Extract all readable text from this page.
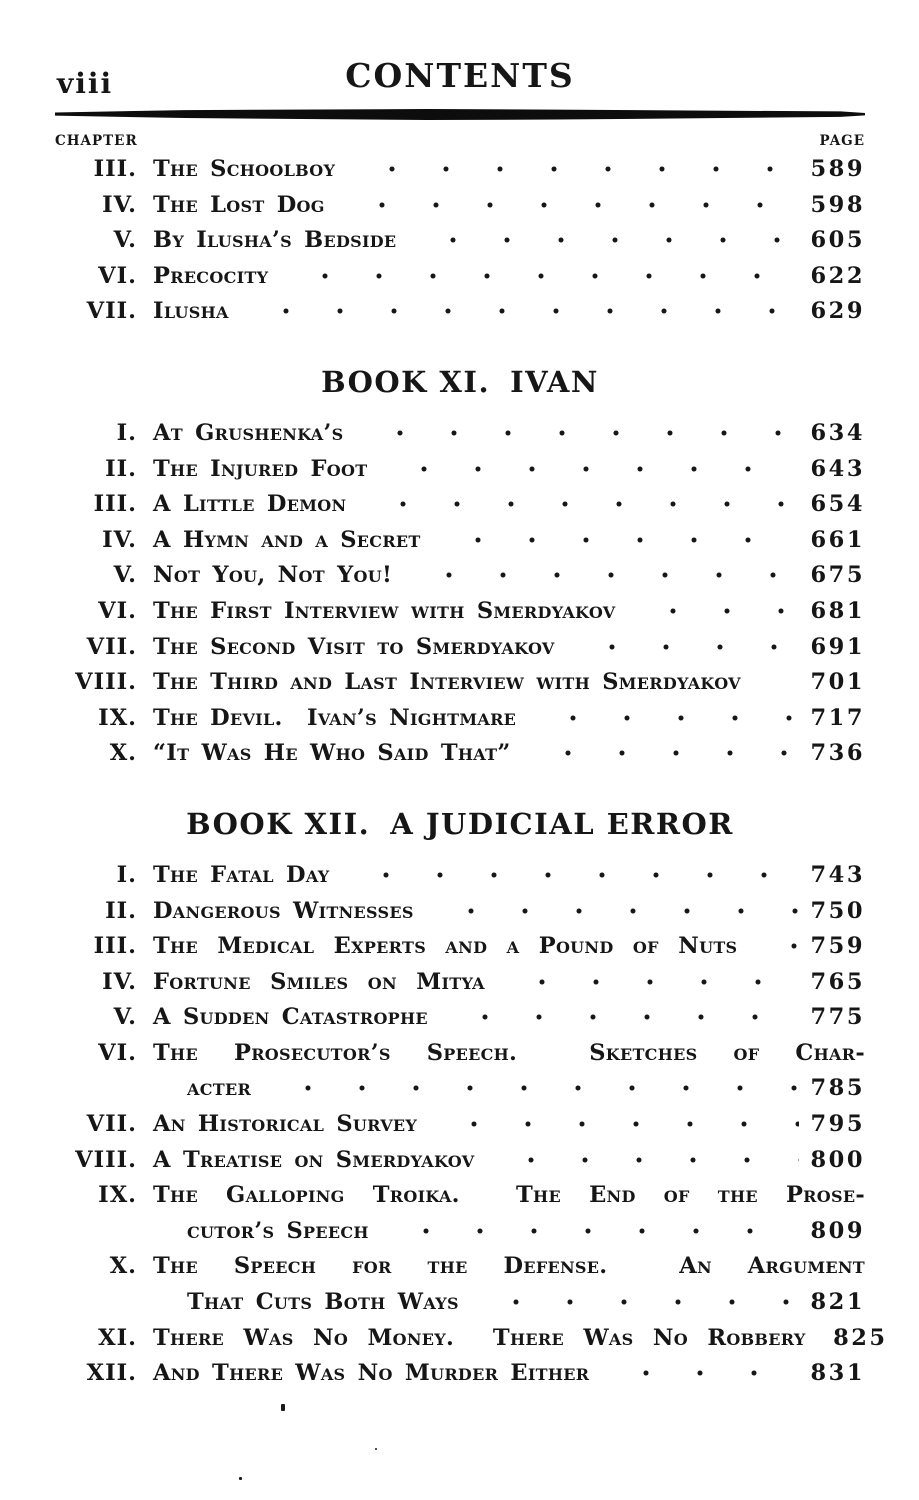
viii	CONTENTS
CHAPTER	PAGE
III. The Schoolboy	589
IV. The Lost Dog	598
V. By Ilusha’s Bedside	605
VI. Precocity	622
VII. Ilusha	629
BOOK XI. IVAN
I. At Grushenka’s	634
II. The Injured Foot	643
III. A Little Demon	654
IV. A Hymn and a Secret	661
V. Not You, Not You!	675
VI. The First Interview with Smerdyakov	681
VII. The Second Visit to Smerdyakov	691
VIII. The Third and Last Interview with Smerdyakov	701
IX. The Devil.  Ivan’s Nightmare	717
X. “It Was He Who Said That”	736
BOOK XII. A JUDICIAL ERROR
I. The Fatal Day	743
II. Dangerous Witnesses	750
III. The Medical Experts and a Pound of Nuts	759
IV. Fortune Smiles on Mitya	765
V. A Sudden Catastrophe	775
VI. The Prosecutor’s Speech.  Sketches of Char-
acter	785
VII. An Historical Survey	795
VIII. A Treatise on Smerdyakov	800
IX. The Galloping Troika.  The End of the Prose-
cutor’s Speech	809
X. The Speech for the Defense.  An Argument
That Cuts Both Ways	821
XI. There Was No Money.  There Was No Robbery 825
XII. And There Was No Murder Either	831
